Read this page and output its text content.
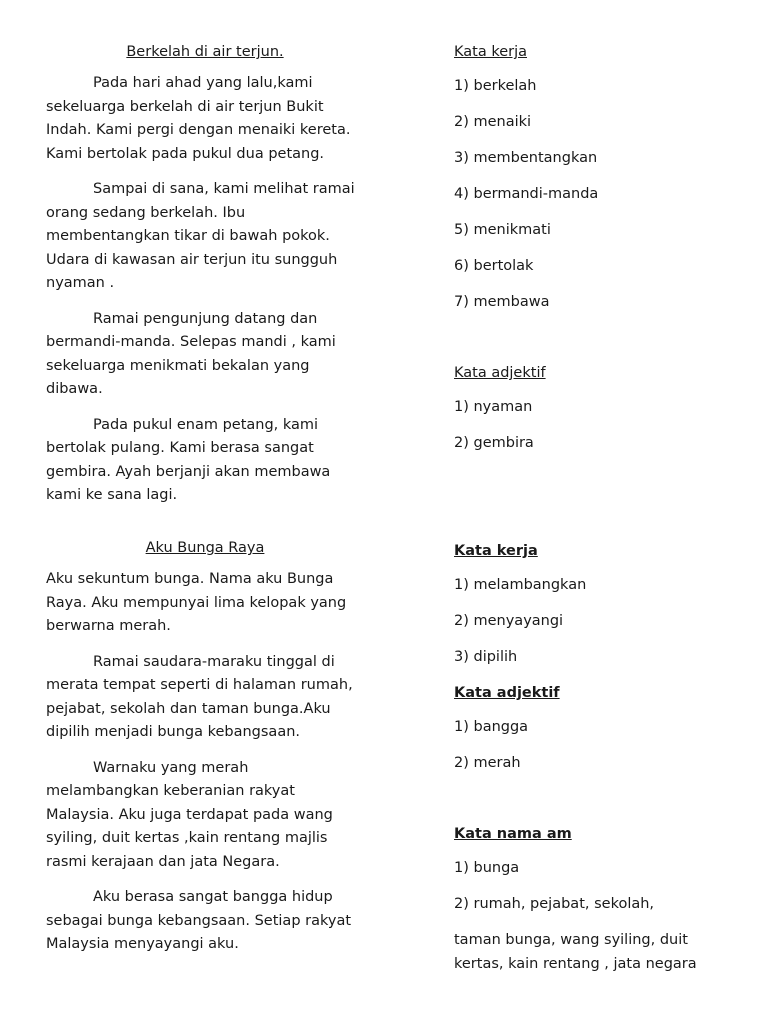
Berkelah di air terjun.

Pada hari ahad yang lalu,kami sekeluarga berkelah di air terjun Bukit Indah. Kami pergi dengan menaiki kereta. Kami bertolak pada pukul dua petang.

Sampai di sana, kami melihat ramai orang sedang berkelah. Ibu membentangkan tikar di bawah pokok. Udara di kawasan air terjun itu sungguh nyaman .

Ramai pengunjung datang dan bermandi-manda. Selepas mandi , kami sekeluarga menikmati bekalan yang dibawa.

Pada pukul enam petang, kami bertolak pulang. Kami berasa sangat gembira. Ayah berjanji akan membawa kami ke sana lagi.

Aku Bunga Raya

Aku sekuntum bunga. Nama aku Bunga Raya. Aku mempunyai lima kelopak yang berwarna merah.

Ramai saudara-maraku tinggal di merata tempat seperti di halaman rumah, pejabat, sekolah dan taman bunga.Aku dipilih menjadi bunga kebangsaan.

Warnaku yang merah melambangkan keberanian rakyat Malaysia. Aku juga terdapat pada wang syiling, duit kertas ,kain rentang majlis rasmi kerajaan dan jata Negara.

Aku berasa sangat bangga hidup sebagai bunga kebangsaan. Setiap rakyat Malaysia menyayangi aku.

Kata kerja

1) berkelah

2) menaiki

3) membentangkan

4) bermandi-manda

5) menikmati

6) bertolak

7) membawa

Kata adjektif

1) nyaman

2) gembira

Kata kerja

1) melambangkan

2) menyayangi

3) dipilih

Kata adjektif

1) bangga

2) merah

Kata nama am

1) bunga

2) rumah, pejabat, sekolah,

taman bunga, wang syiling, duit kertas, kain rentang , jata negara
